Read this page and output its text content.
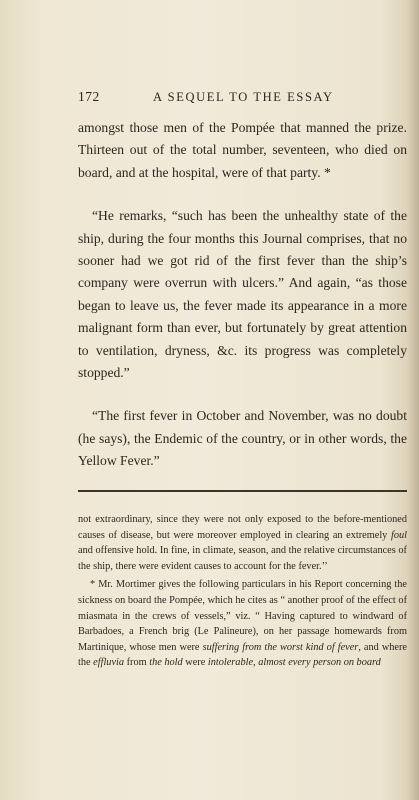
172	A SEQUEL TO THE ESSAY

amongst those men of the Pompée that manned the prize. Thirteen out of the total number, seventeen, who died on board, and at the hospital, were of that party. *

“He remarks, “such has been the unhealthy state of the ship, during the four months this Journal comprises, that no sooner had we got rid of the first fever than the ship’s company were overrun with ulcers.” And again, “as those began to leave us, the fever made its appearance in a more malignant form than ever, but fortunately by great attention to ventilation, dryness, &c. its progress was completely stopped.”

“The first fever in October and November, was no doubt (he says), the Endemic of the country, or in other words, the Yellow Fever.”

not extraordinary, since they were not only exposed to the before-mentioned causes of disease, but were moreover employed in clearing an extremely foul and offensive hold. In fine, in climate, season, and the relative circumstances of the ship, there were evident causes to account for the fever.’’

* Mr. Mortimer gives the following particulars in his Report concerning the sickness on board the Pompée, which he cites as “ another proof of the effect of miasmata in the crews of vessels,” viz. “ Having captured to windward of Barbadoes, a French brig (Le Palineure), on her passage homewards from Martinique, whose men were suffering from the worst kind of fever, and where the effluvia from the hold were intolerable, almost every person on board
